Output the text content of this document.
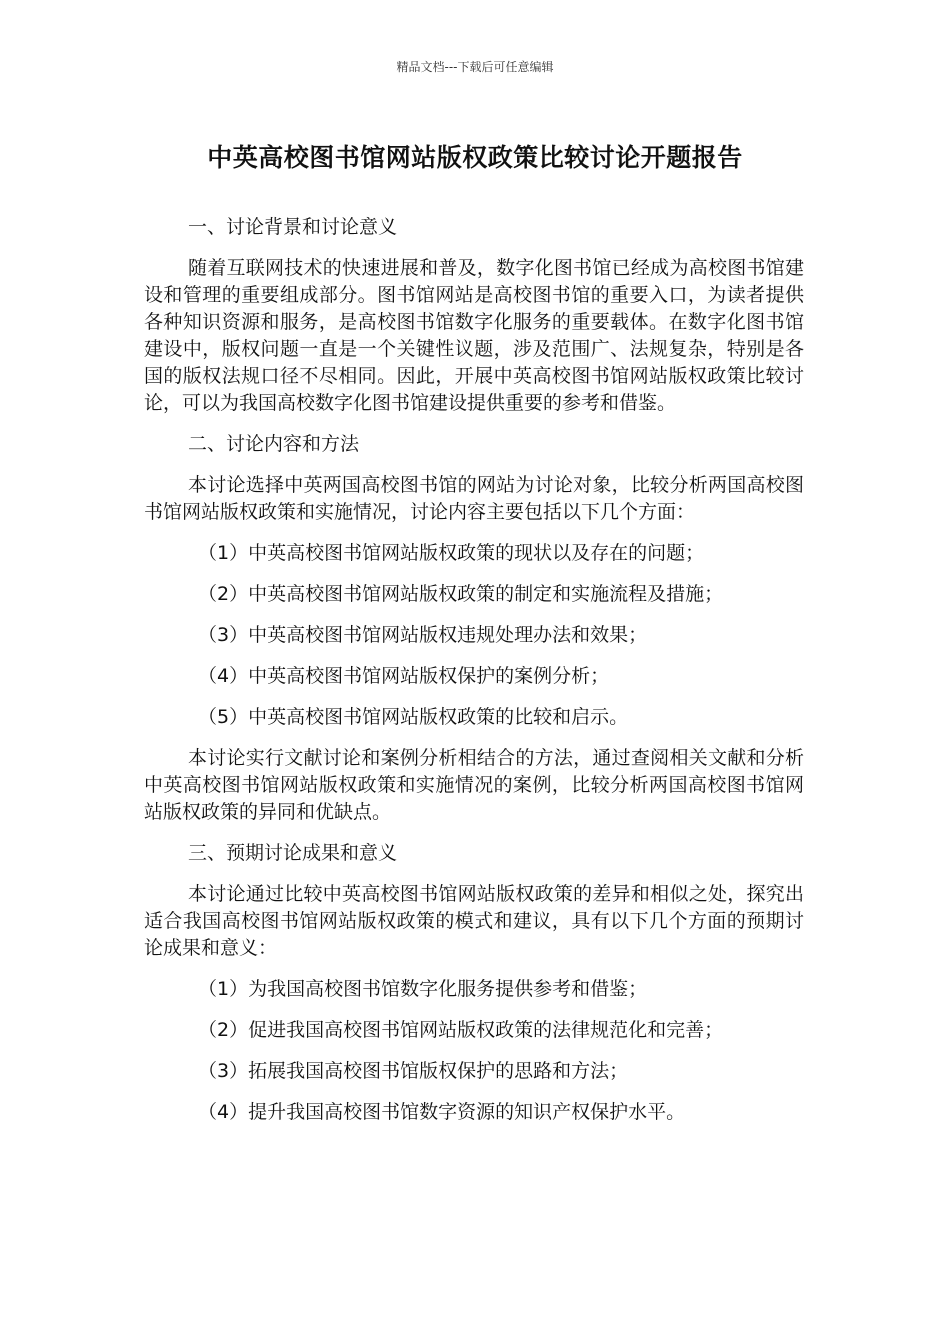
精品文档---下载后可任意编辑
中英高校图书馆网站版权政策比较讨论开题报告

一、讨论背景和讨论意义

随着互联网技术的快速进展和普及，数字化图书馆已经成为高校图书馆建设和管理的重要组成部分。图书馆网站是高校图书馆的重要入口，为读者提供各种知识资源和服务，是高校图书馆数字化服务的重要载体。在数字化图书馆建设中，版权问题一直是一个关键性议题，涉及范围广、法规复杂，特别是各国的版权法规口径不尽相同。因此，开展中英高校图书馆网站版权政策比较讨论，可以为我国高校数字化图书馆建设提供重要的参考和借鉴。

二、讨论内容和方法

本讨论选择中英两国高校图书馆的网站为讨论对象，比较分析两国高校图书馆网站版权政策和实施情况，讨论内容主要包括以下几个方面：

（1）中英高校图书馆网站版权政策的现状以及存在的问题；

（2）中英高校图书馆网站版权政策的制定和实施流程及措施；

（3）中英高校图书馆网站版权违规处理办法和效果；

（4）中英高校图书馆网站版权保护的案例分析；

（5）中英高校图书馆网站版权政策的比较和启示。

本讨论实行文献讨论和案例分析相结合的方法，通过查阅相关文献和分析中英高校图书馆网站版权政策和实施情况的案例，比较分析两国高校图书馆网站版权政策的异同和优缺点。

三、预期讨论成果和意义

本讨论通过比较中英高校图书馆网站版权政策的差异和相似之处，探究出适合我国高校图书馆网站版权政策的模式和建议，具有以下几个方面的预期讨论成果和意义：

（1）为我国高校图书馆数字化服务提供参考和借鉴；

（2）促进我国高校图书馆网站版权政策的法律规范化和完善；

（3）拓展我国高校图书馆版权保护的思路和方法；

（4）提升我国高校图书馆数字资源的知识产权保护水平。
